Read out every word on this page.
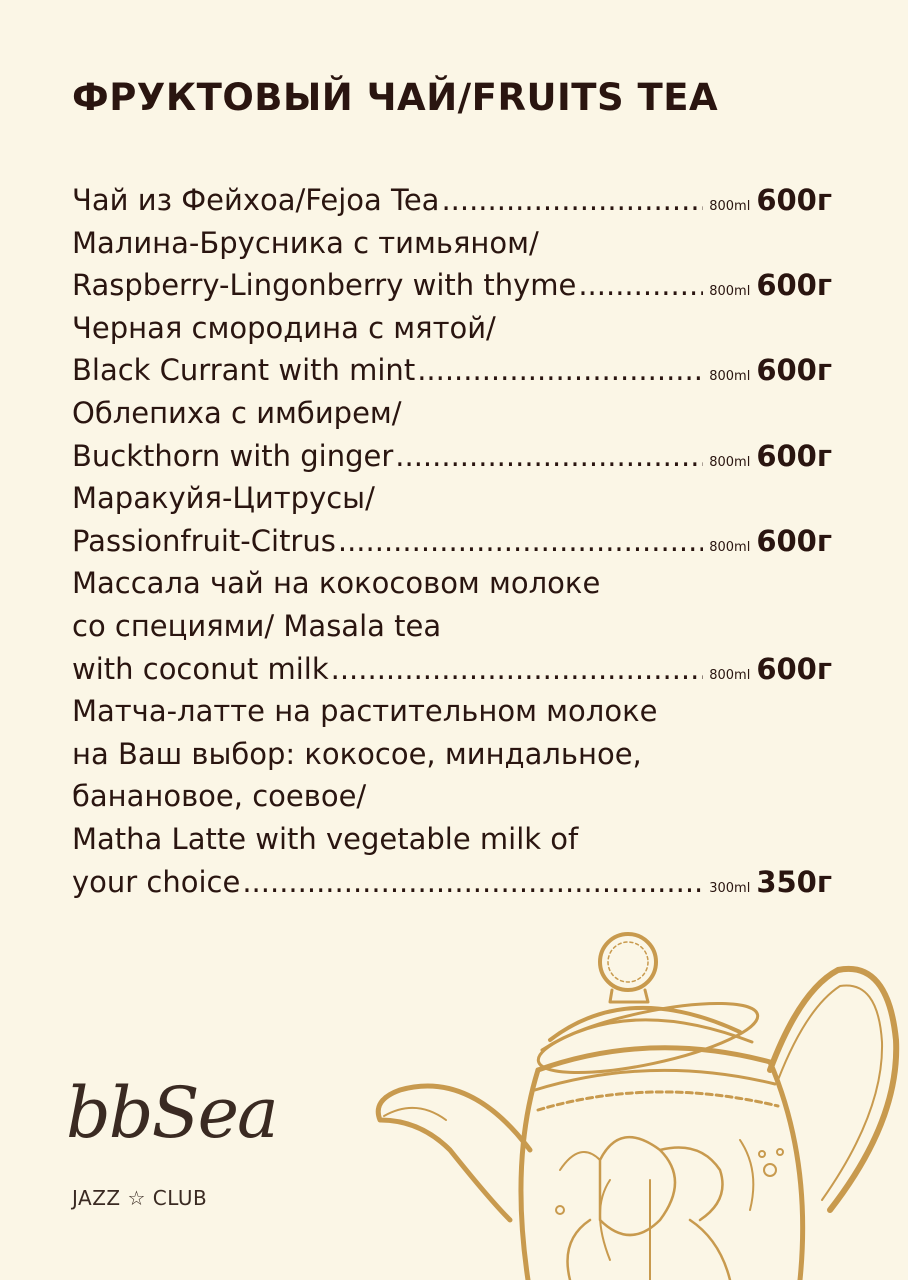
ФРУКТОВЫЙ ЧАЙ/FRUITS TEA
Чай из Фейхоа/Fejoa Tea .....	800ml 600г
Малина-Брусника с тимьяном/
Raspberry-Lingonberry with thyme .....	800ml 600г
Черная смородина с мятой/
Black Currant with mint .....	800ml 600г
Облепиха с имбирем/
Buckthorn with ginger .....	800ml 600г
Маракуйя-Цитрусы/
Passionfruit-Citrus .....	800ml 600г
Массала чай на кокосовом молоке
со специями/ Masala tea
with coconut milk .....	800ml 600г
Матча-латте на растительном молоке
на Ваш выбор: кокосое, миндальное,
банановое, соевое/
Matha Latte with vegetable milk of
your choice .....	300ml 350г
bbSea
JAZZ ☆ CLUB
